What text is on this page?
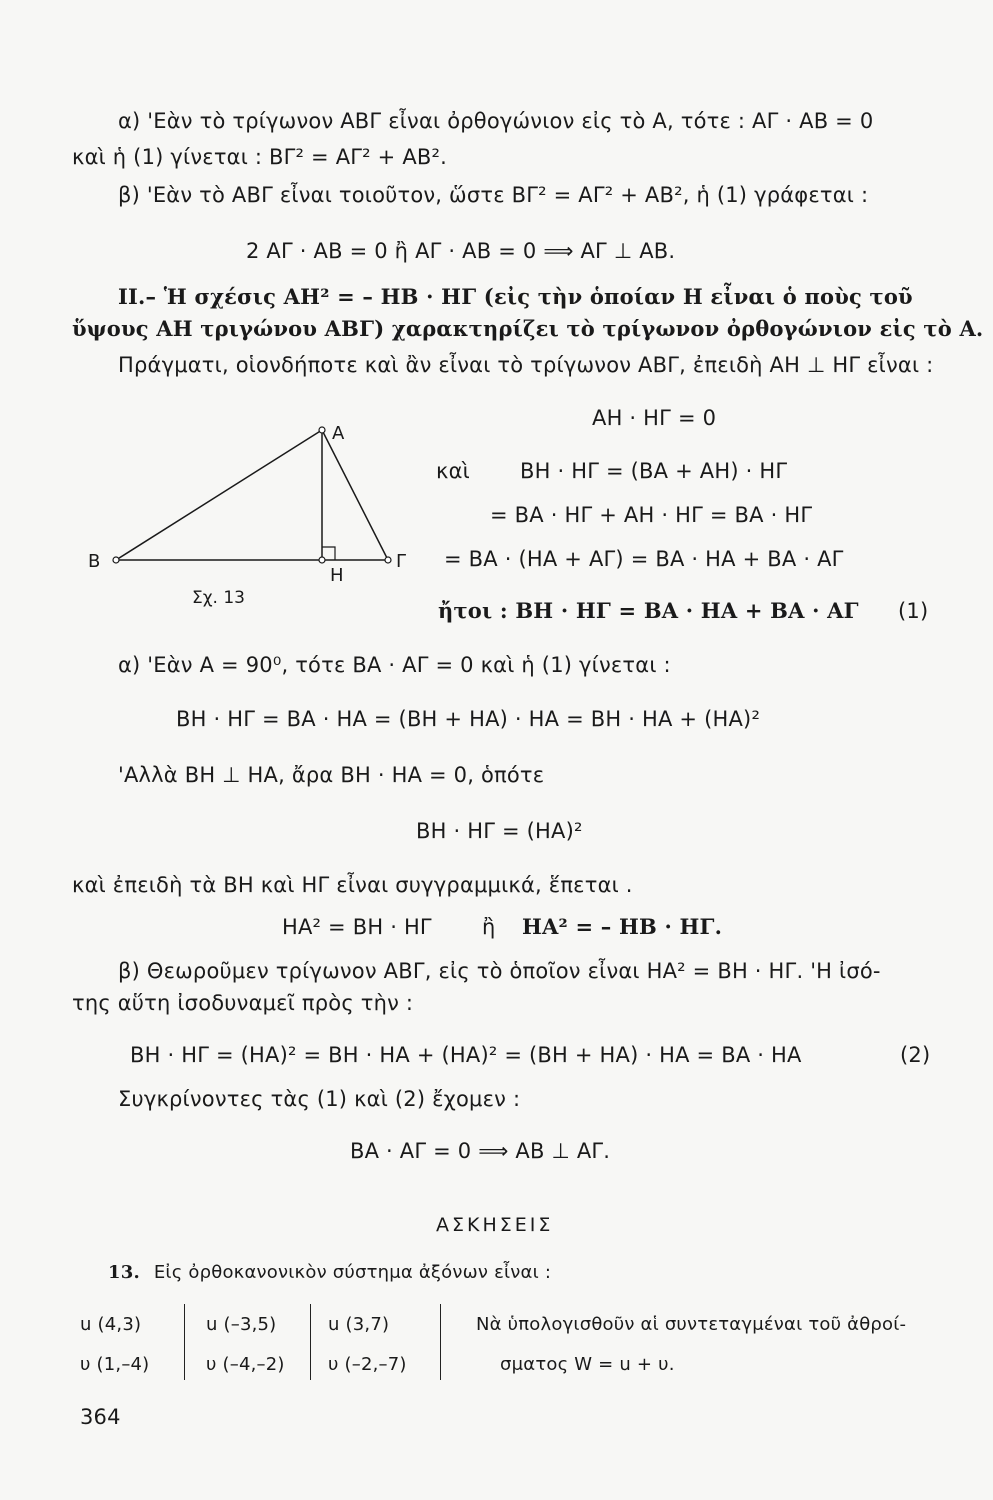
α) 'Εὰν τὸ τρίγωνον ΑΒΓ εἶναι ὀρθογώνιον εἰς τὸ Α, τότε : ΑΓ · ΑΒ = 0
καὶ ἡ (1) γίνεται : ΒΓ² = ΑΓ² + ΑΒ².
β) 'Εὰν τὸ ΑΒΓ εἶναι τοιοῦτον, ὥστε ΒΓ² = ΑΓ² + ΑΒ², ἡ (1) γράφεται :
2 ΑΓ · ΑΒ = 0 ἢ ΑΓ · ΑΒ = 0 ⟹ ΑΓ ⊥ ΑΒ.
ΙΙ.– Ἡ σχέσις ΑΗ² = – ΗΒ · ΗΓ (εἰς τὴν ὁποίαν Η εἶναι ὁ ποὺς τοῦ
ὕψους ΑΗ τριγώνου ΑΒΓ) χαρακτηρίζει τὸ τρίγωνον ὀρθογώνιον εἰς τὸ Α.
Πράγματι, οἱονδήποτε καὶ ἂν εἶναι τὸ τρίγωνον ΑΒΓ, ἐπειδὴ ΑΗ ⊥ ΗΓ εἶναι :
ΑΗ · ΗΓ = 0
καὶ ΒΗ · ΗΓ = (ΒΑ + ΑΗ) · ΗΓ
= ΒΑ · ΗΓ + ΑΗ · ΗΓ = ΒΑ · ΗΓ
= ΒΑ · (ΗΑ + ΑΓ) = ΒΑ · ΗΑ + ΒΑ · ΑΓ
ἤτοι : ΒΗ · ΗΓ = ΒΑ · ΗΑ + ΒΑ · ΑΓ (1)
Α
Β	Γ
Η
Σχ. 13
α) 'Εὰν Α = 90⁰, τότε ΒΑ · ΑΓ = 0 καὶ ἡ (1) γίνεται :
ΒΗ · ΗΓ = ΒΑ · ΗΑ = (ΒΗ + ΗΑ) · ΗΑ = ΒΗ · ΗΑ + (ΗΑ)²
'Αλλὰ ΒΗ ⊥ ΗΑ, ἄρα ΒΗ · ΗΑ = 0, ὁπότε
ΒΗ · ΗΓ = (ΗΑ)²
καὶ ἐπειδὴ τὰ ΒΗ καὶ ΗΓ εἶναι συγγραμμικά, ἕπεται .
ΗΑ² = ΒΗ · ΗΓ ἢ ΗΑ² = – ΗΒ · ΗΓ.
β) Θεωροῦμεν τρίγωνον ΑΒΓ, εἰς τὸ ὁποῖον εἶναι ΗΑ² = ΒΗ · ΗΓ. 'Η ἰσό-
της αὕτη ἰσοδυναμεῖ πρὸς τὴν :
ΒΗ · ΗΓ = (ΗΑ)² = ΒΗ · ΗΑ + (ΗΑ)² = (ΒΗ + ΗΑ) · ΗΑ = ΒΑ · ΗΑ	(2)
Συγκρίνοντες τὰς (1) καὶ (2) ἔχομεν :
ΒΑ · ΑΓ = 0 ⟹ ΑΒ ⊥ ΑΓ.
ΑΣΚΗΣΕΙΣ
13. Εἰς ὀρθοκανονικὸν σύστημα ἀξόνων εἶναι :
u (4,3)
υ (1,–4)
u (–3,5)
υ (–4,–2)
u (3,7)
υ (–2,–7)
Νὰ ὑπολογισθοῦν αἱ συντεταγμέναι τοῦ ἀθροί-
σματος W = u + υ.
364
